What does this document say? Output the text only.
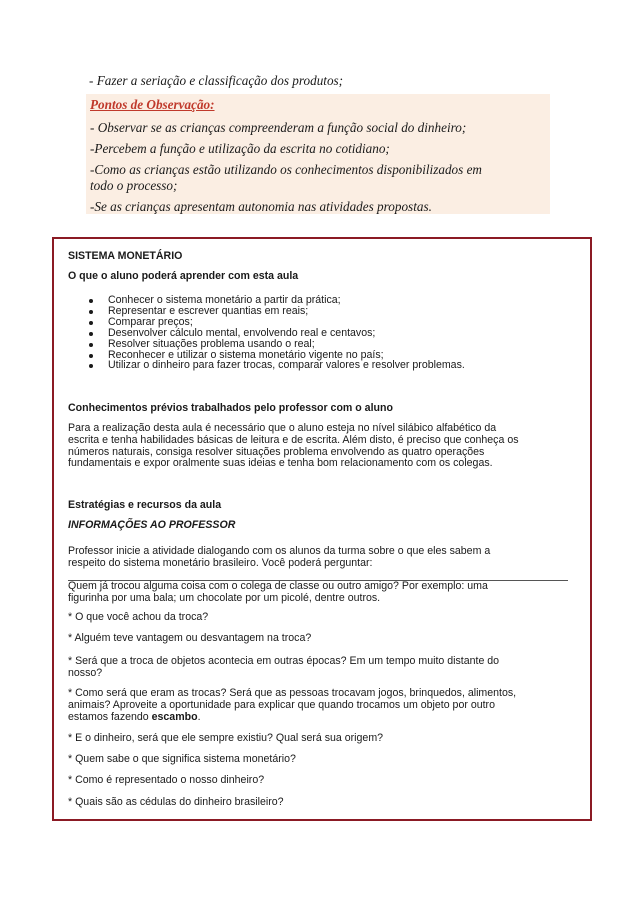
- Fazer a seriação e classificação dos produtos;
Pontos de Observação:
- Observar se as crianças compreenderam a função social do dinheiro;
-Percebem a função e utilização da escrita no cotidiano;
-Como as crianças estão utilizando os conhecimentos disponibilizados em
todo o processo;
-Se as crianças apresentam autonomia nas atividades propostas.
SISTEMA MONETÁRIO
O que o aluno poderá aprender com esta aula
Conhecer o sistema monetário a partir da prática;
Representar e escrever quantias em reais;
Comparar preços;
Desenvolver cálculo mental, envolvendo real e centavos;
Resolver situações problema usando o real;
Reconhecer e utilizar o sistema monetário vigente no país;
Utilizar o dinheiro para fazer trocas, comparar valores e resolver problemas.
Conhecimentos prévios trabalhados pelo professor com o aluno
Para a realização desta aula é necessário que o aluno esteja no nível silábico alfabético da
escrita e tenha habilidades básicas de leitura e de escrita. Além disto, é preciso que conheça os
números naturais, consiga resolver situações problema envolvendo as quatro operações
fundamentais e expor oralmente suas ideias e tenha bom relacionamento com os colegas.
Estratégias e recursos da aula
INFORMAÇÕES AO PROFESSOR
Professor inicie a atividade dialogando com os alunos da turma sobre o que eles sabem a
respeito do sistema monetário brasileiro. Você poderá perguntar:
Quem já trocou alguma coisa com o colega de classe ou outro amigo? Por exemplo: uma
figurinha por uma bala; um chocolate por um picolé, dentre outros.
* O que você achou da troca?
* Alguém teve vantagem ou desvantagem na troca?
* Será que a troca de objetos acontecia em outras épocas? Em um tempo muito distante do
nosso?
* Como será que eram as trocas? Será que as pessoas trocavam jogos, brinquedos, alimentos,
animais? Aproveite a oportunidade para explicar que quando trocamos um objeto por outro
estamos fazendo escambo.
* E o dinheiro, será que ele sempre existiu? Qual será sua origem?
* Quem sabe o que significa sistema monetário?
* Como é representado o nosso dinheiro?
* Quais são as cédulas do dinheiro brasileiro?
